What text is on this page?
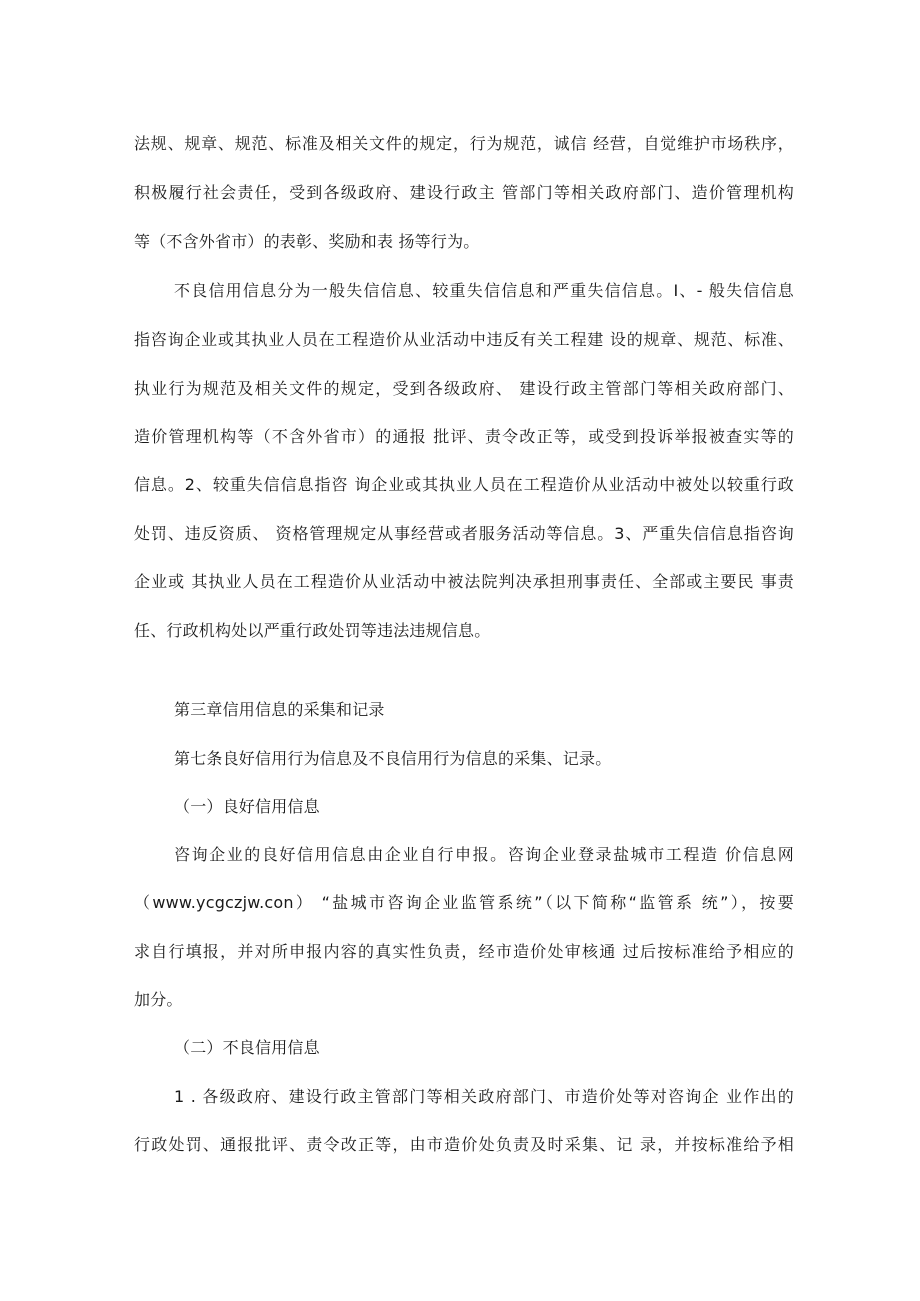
法规、规章、规范、标准及相关文件的规定，行为规范，诚信 经营，自觉维护市场秩序，
积极履行社会责任，受到各级政府、建设行政主 管部门等相关政府部门、造价管理机构
等（不含外省市）的表彰、奖励和表 扬等行为。
不良信用信息分为一般失信信息、较重失信信息和严重失信信息。I、- 般失信信息
指咨询企业或其执业人员在工程造价从业活动中违反有关工程建 设的规章、规范、标准、
执业行为规范及相关文件的规定，受到各级政府、 建设行政主管部门等相关政府部门、
造价管理机构等（不含外省市）的通报 批评、责令改正等，或受到投诉举报被查实等的
信息。2、较重失信信息指咨 询企业或其执业人员在工程造价从业活动中被处以较重行政
处罚、违反资质、 资格管理规定从事经营或者服务活动等信息。3、严重失信信息指咨询
企业或 其执业人员在工程造价从业活动中被法院判决承担刑事责任、全部或主要民 事责
任、行政机构处以严重行政处罚等违法违规信息。
第三章信用信息的采集和记录
第七条良好信用行为信息及不良信用行为信息的采集、记录。
（一）良好信用信息
咨询企业的良好信用信息由企业自行申报。咨询企业登录盐城市工程造 价信息网
（www.ycgczjw.con） “盐城市咨询企业监管系统”（以下简称“监管系 统”），按要
求自行填报，并对所申报内容的真实性负责，经市造价处审核通 过后按标准给予相应的
加分。
（二）不良信用信息
1 . 各级政府、建设行政主管部门等相关政府部门、市造价处等对咨询企 业作出的
行政处罚、通报批评、责令改正等，由市造价处负责及时采集、记 录，并按标准给予相
